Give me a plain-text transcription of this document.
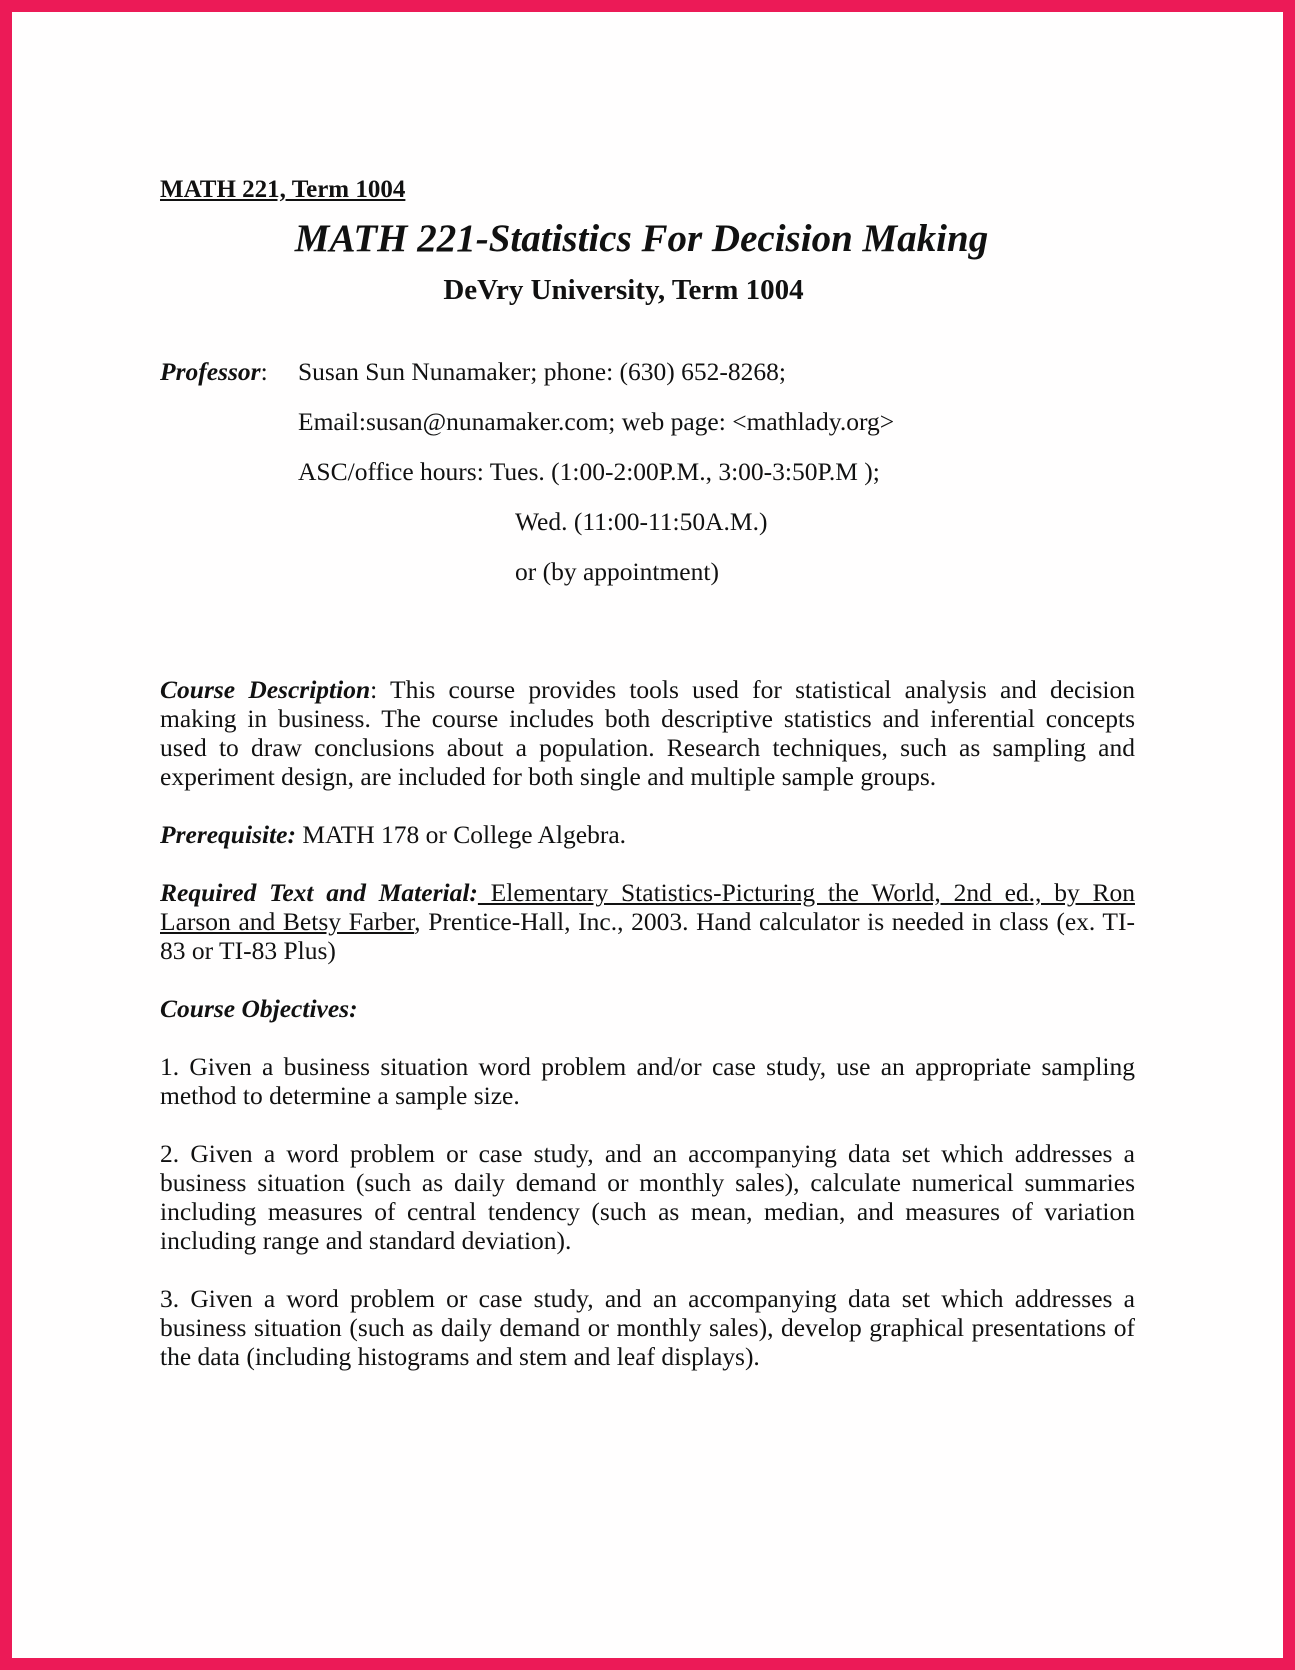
MATH 221, Term 1004

MATH 221-Statistics For Decision Making

DeVry University, Term 1004

Professor:	Susan Sun Nunamaker; phone: (630) 652-8268;
Email:susan@nunamaker.com; web page: <mathlady.org>
ASC/office hours: Tues. (1:00-2:00P.M., 3:00-3:50P.M );
Wed. (11:00-11:50A.M.)
or (by appointment)

Course Description: This course provides tools used for statistical analysis and decision making in business. The course includes both descriptive statistics and inferential concepts used to draw conclusions about a population. Research techniques, such as sampling and experiment design, are included for both single and multiple sample groups.

Prerequisite: MATH 178 or College Algebra.

Required Text and Material: Elementary Statistics-Picturing the World, 2nd ed., by Ron Larson and Betsy Farber, Prentice-Hall, Inc., 2003. Hand calculator is needed in class (ex. TI-83 or TI-83 Plus)

Course Objectives:

1. Given a business situation word problem and/or case study, use an appropriate sampling method to determine a sample size.

2. Given a word problem or case study, and an accompanying data set which addresses a business situation (such as daily demand or monthly sales), calculate numerical summaries including measures of central tendency (such as mean, median, and measures of variation including range and standard deviation).

3. Given a word problem or case study, and an accompanying data set which addresses a business situation (such as daily demand or monthly sales), develop graphical presentations of the data (including histograms and stem and leaf displays).
